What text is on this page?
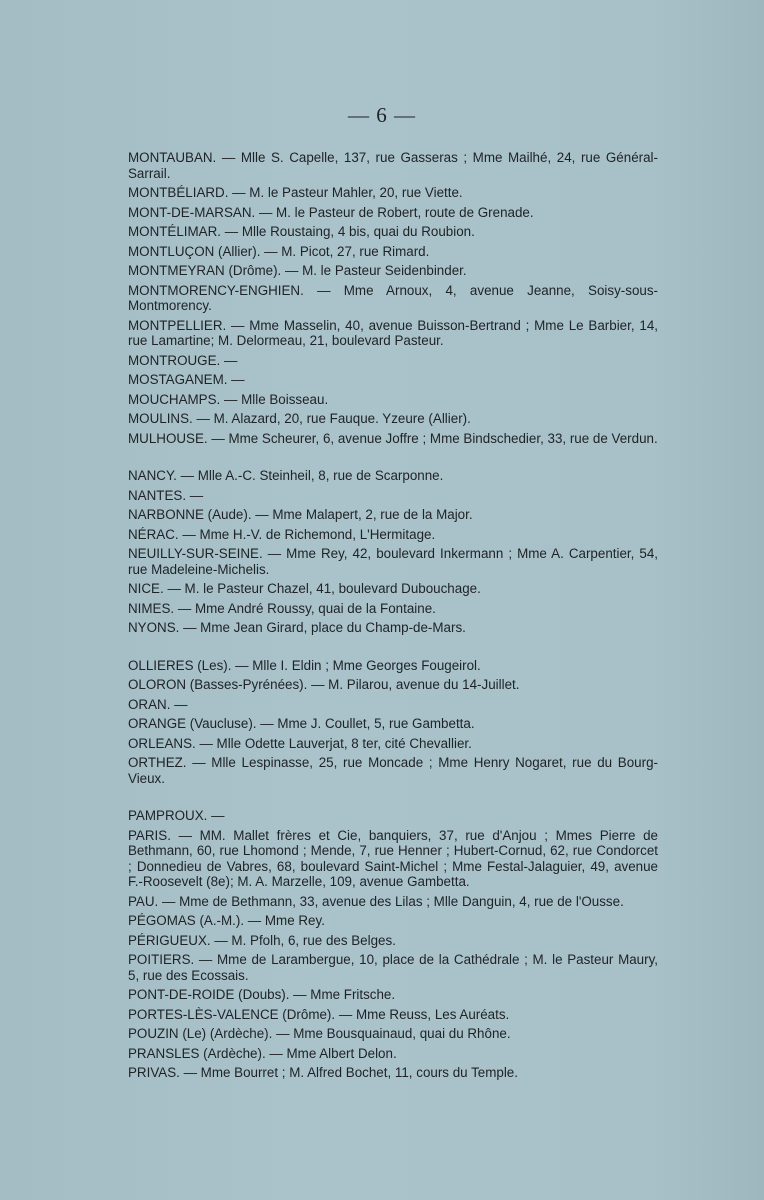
— 6 —
MONTAUBAN. — Mlle S. Capelle, 137, rue Gasseras ; Mme Mailhé, 24, rue Général-Sarrail.
MONTBÉLIARD. — M. le Pasteur Mahler, 20, rue Viette.
MONT-DE-MARSAN. — M. le Pasteur de Robert, route de Grenade.
MONTÉLIMAR. — Mlle Roustaing, 4 bis, quai du Roubion.
MONTLUÇON (Allier). — M. Picot, 27, rue Rimard.
MONTMEYRAN (Drôme). — M. le Pasteur Seidenbinder.
MONTMORENCY-ENGHIEN. — Mme Arnoux, 4, avenue Jeanne, Soisy-sous-Montmorency.
MONTPELLIER. — Mme Masselin, 40, avenue Buisson-Bertrand ; Mme Le Barbier, 14, rue Lamartine; M. Delormeau, 21, boulevard Pasteur.
MONTROUGE. —
MOSTAGANEM. —
MOUCHAMPS. — Mlle Boisseau.
MOULINS. — M. Alazard, 20, rue Fauque. Yzeure (Allier).
MULHOUSE. — Mme Scheurer, 6, avenue Joffre ; Mme Bindschedier, 33, rue de Verdun.
NANCY. — Mlle A.-C. Steinheil, 8, rue de Scarponne.
NANTES. —
NARBONNE (Aude). — Mme Malapert, 2, rue de la Major.
NÉRAC. — Mme H.-V. de Richemond, L'Hermitage.
NEUILLY-SUR-SEINE. — Mme Rey, 42, boulevard Inkermann ; Mme A. Carpentier, 54, rue Madeleine-Michelis.
NICE. — M. le Pasteur Chazel, 41, boulevard Dubouchage.
NIMES. — Mme André Roussy, quai de la Fontaine.
NYONS. — Mme Jean Girard, place du Champ-de-Mars.
OLLIERES (Les). — Mlle I. Eldin ; Mme Georges Fougeirol.
OLORON (Basses-Pyrénées). — M. Pilarou, avenue du 14-Juillet.
ORAN. —
ORANGE (Vaucluse). — Mme J. Coullet, 5, rue Gambetta.
ORLEANS. — Mlle Odette Lauverjat, 8 ter, cité Chevallier.
ORTHEZ. — Mlle Lespinasse, 25, rue Moncade ; Mme Henry Nogaret, rue du Bourg-Vieux.
PAMPROUX. —
PARIS. — MM. Mallet frères et Cie, banquiers, 37, rue d'Anjou ; Mmes Pierre de Bethmann, 60, rue Lhomond ; Mende, 7, rue Henner ; Hubert-Cornud, 62, rue Condorcet ; Donnedieu de Vabres, 68, boulevard Saint-Michel ; Mme Festal-Jalaguier, 49, avenue F.-Roosevelt (8e); M. A. Marzelle, 109, avenue Gambetta.
PAU. — Mme de Bethmann, 33, avenue des Lilas ; Mlle Danguin, 4, rue de l'Ousse.
PÉGOMAS (A.-M.). — Mme Rey.
PÉRIGUEUX. — M. Pfolh, 6, rue des Belges.
POITIERS. — Mme de Larambergue, 10, place de la Cathédrale ; M. le Pasteur Maury, 5, rue des Ecossais.
PONT-DE-ROIDE (Doubs). — Mme Fritsche.
PORTES-LÈS-VALENCE (Drôme). — Mme Reuss, Les Auréats.
POUZIN (Le) (Ardèche). — Mme Bousquainaud, quai du Rhône.
PRANSLES (Ardèche). — Mme Albert Delon.
PRIVAS. — Mme Bourret ; M. Alfred Bochet, 11, cours du Temple.
